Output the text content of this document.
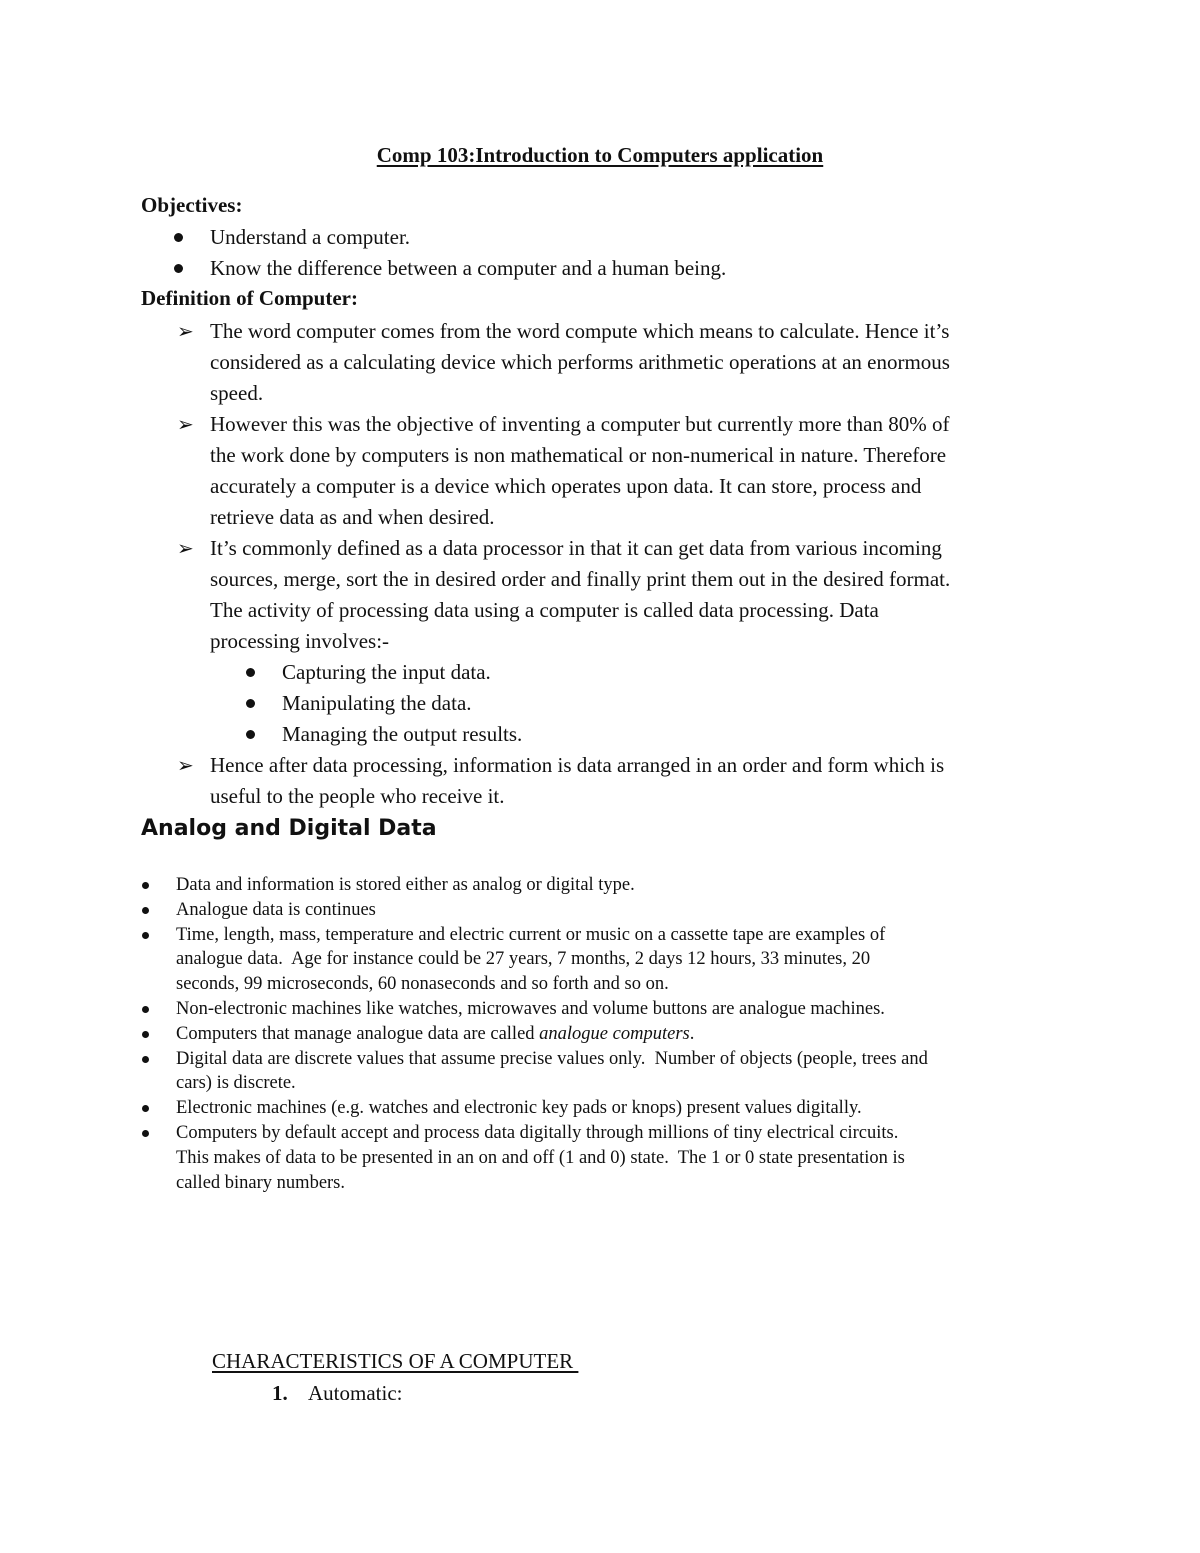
Comp 103:Introduction to Computers application
Objectives:
Understand a computer.
Know the difference between a computer and a human being.
Definition of Computer:
➢ The word computer comes from the word compute which means to calculate. Hence it’s
considered as a calculating device which performs arithmetic operations at an enormous
speed.
➢ However this was the objective of inventing a computer but currently more than 80% of
the work done by computers is non mathematical or non-numerical in nature. Therefore
accurately a computer is a device which operates upon data. It can store, process and
retrieve data as and when desired.
➢ It’s commonly defined as a data processor in that it can get data from various incoming
sources, merge, sort the in desired order and finally print them out in the desired format.
The activity of processing data using a computer is called data processing. Data
processing involves:-
Capturing the input data.
Manipulating the data.
Managing the output results.
➢ Hence after data processing, information is data arranged in an order and form which is
useful to the people who receive it.
Analog and Digital Data
Data and information is stored either as analog or digital type.
Analogue data is continues
Time, length, mass, temperature and electric current or music on a cassette tape are examples of
analogue data.  Age for instance could be 27 years, 7 months, 2 days 12 hours, 33 minutes, 20
seconds, 99 microseconds, 60 nonaseconds and so forth and so on.
Non-electronic machines like watches, microwaves and volume buttons are analogue machines.
Computers that manage analogue data are called analogue computers.
Digital data are discrete values that assume precise values only.  Number of objects (people, trees and
cars) is discrete.
Electronic machines (e.g. watches and electronic key pads or knops) present values digitally.
Computers by default accept and process data digitally through millions of tiny electrical circuits.
This makes of data to be presented in an on and off (1 and 0) state.  The 1 or 0 state presentation is
called binary numbers.
CHARACTERISTICS OF A COMPUTER
1. Automatic:
